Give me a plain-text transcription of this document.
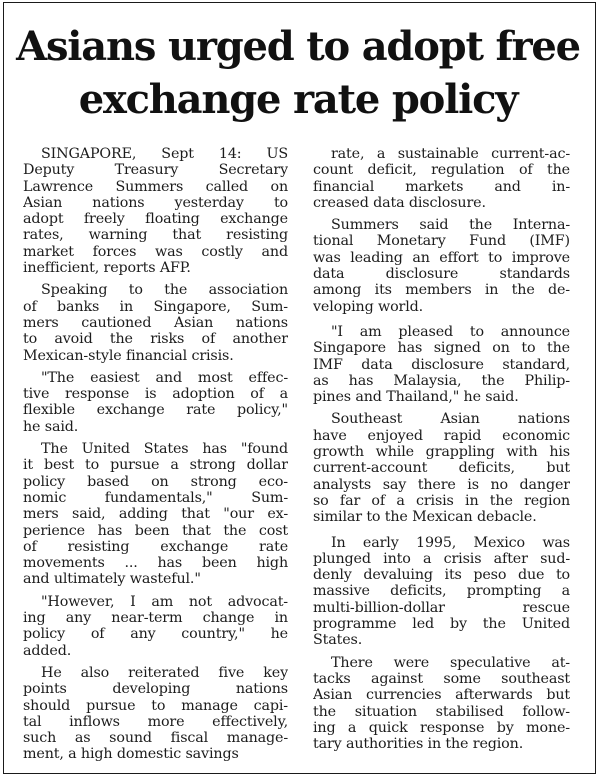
Asians urged to adopt free
exchange rate policy
SINGAPORE, Sept 14: US
Deputy Treasury Secretary
Lawrence Summers called on
Asian nations yesterday to
adopt freely floating exchange
rates, warning that resisting
market forces was costly and
inefficient, reports AFP.
Speaking to the association
of banks in Singapore, Sum-
mers cautioned Asian nations
to avoid the risks of another
Mexican-style financial crisis.
"The easiest and most effec-
tive response is adoption of a
flexible exchange rate policy,"
he said.
The United States has "found
it best to pursue a strong dollar
policy based on strong eco-
nomic fundamentals," Sum-
mers said, adding that "our ex-
perience has been that the cost
of resisting exchange rate
movements ... has been high
and ultimately wasteful."
"However, I am not advocat-
ing any near-term change in
policy of any country," he
added.
He also reiterated five key
points developing nations
should pursue to manage capi-
tal inflows more effectively,
such as sound fiscal manage-
ment, a high domestic savings
rate, a sustainable current-ac-
count deficit, regulation of the
financial markets and in-
creased data disclosure.
Summers said the Interna-
tional Monetary Fund (IMF)
was leading an effort to improve
data disclosure standards
among its members in the de-
veloping world.
"I am pleased to announce
Singapore has signed on to the
IMF data disclosure standard,
as has Malaysia, the Philip-
pines and Thailand," he said.
Southeast Asian nations
have enjoyed rapid economic
growth while grappling with his
current-account deficits, but
analysts say there is no danger
so far of a crisis in the region
similar to the Mexican debacle.
In early 1995, Mexico was
plunged into a crisis after sud-
denly devaluing its peso due to
massive deficits, prompting a
multi-billion-dollar rescue
programme led by the United
States.
There were speculative at-
tacks against some southeast
Asian currencies afterwards but
the situation stabilised follow-
ing a quick response by mone-
tary authorities in the region.
